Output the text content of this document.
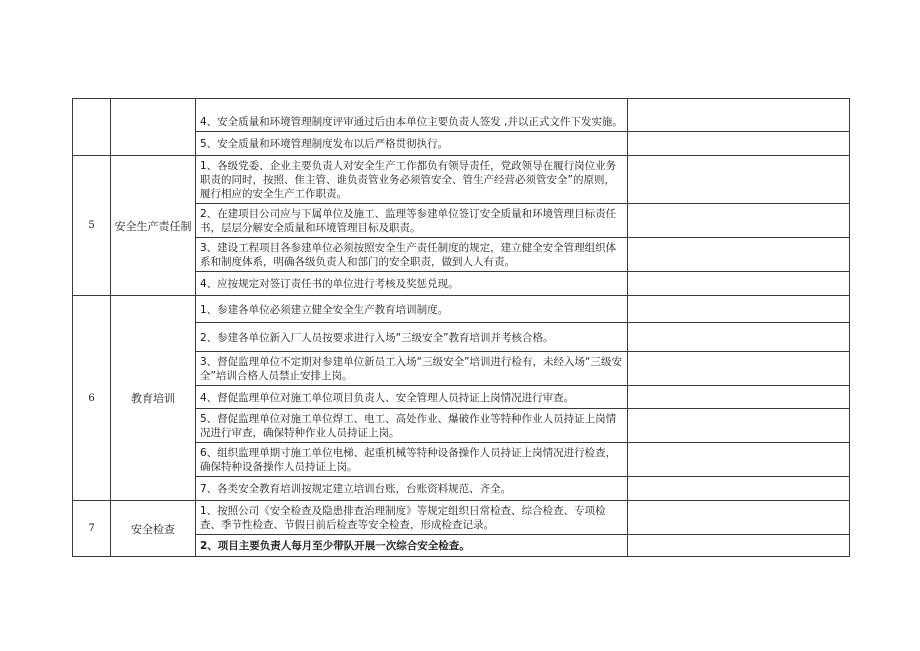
		4、安全质量和环境管理制度评审通过后由本单位主要负责人签发 ,并以正式文件下发实施。	
		5、安全质量和环境管理制度发布以后严格贯彻执行。	
5	安全生产责任制	1、各级党委、企业主要负责人对安全生产工作都负有领导责任，党政领导在履行岗位业务职责的同时，按照、隹主管、谁负责管业务必须管安全、管生产经营必须管安全”的原则，履行相应的安全生产工作职责。	
		2、在建项目公司应与下属单位及施工、监理等参建单位签订安全质量和环境管理目标责任书，层层分解安全质量和环境管理目标及职责。	
		3、建设工程项目各参建单位必须按照安全生产责任制度的规定，建立健全安全管理组织体系和制度体系，明确各级负责人和部门的安全职责，做到人人有责。	
		4、应按规定对签订责任书的单位进行考核及奖惩兑现。	
6	教育培训	1、参建各单位必须建立健全安全生产教育培训制度。	
		2、参建各单位新入厂人员按要求进行入场“三级安全”教育培训并考核合格。	
		3、督促监理单位不定期对参建单位新员工入场“三级安全”培训进行检有，未经入场“三级安全”培训合格人员禁止安排上岗。	
		4、督促监理单位对施工单位项目负责人、安全管理人员持证上岗情况进行审查。	
		5、督促监理单位对施工单位焊工、电工、高处作业、爆破作业等特种作业人员持证上岗情况进行审查，确保特种作业人员持证上岗。	
		6、组织监理单期寸施工单位电梯、起重机械等特种设备操作人员持证上岗情况进行检查，确保特种设备操作人员持证上岗。	
		7、各类安全教育培训按规定建立培训台账，台账资料规范、齐全。	
7	安全检查	1、按照公司《安全检查及隐患排查治理制度》等规定组织日常检查、综合检查、专项检查、季节性检查、节假日前后检查等安全检查，形成检查记录。	
		2、项目主要负责人每月至少带队开展一次综合安全检查。	
